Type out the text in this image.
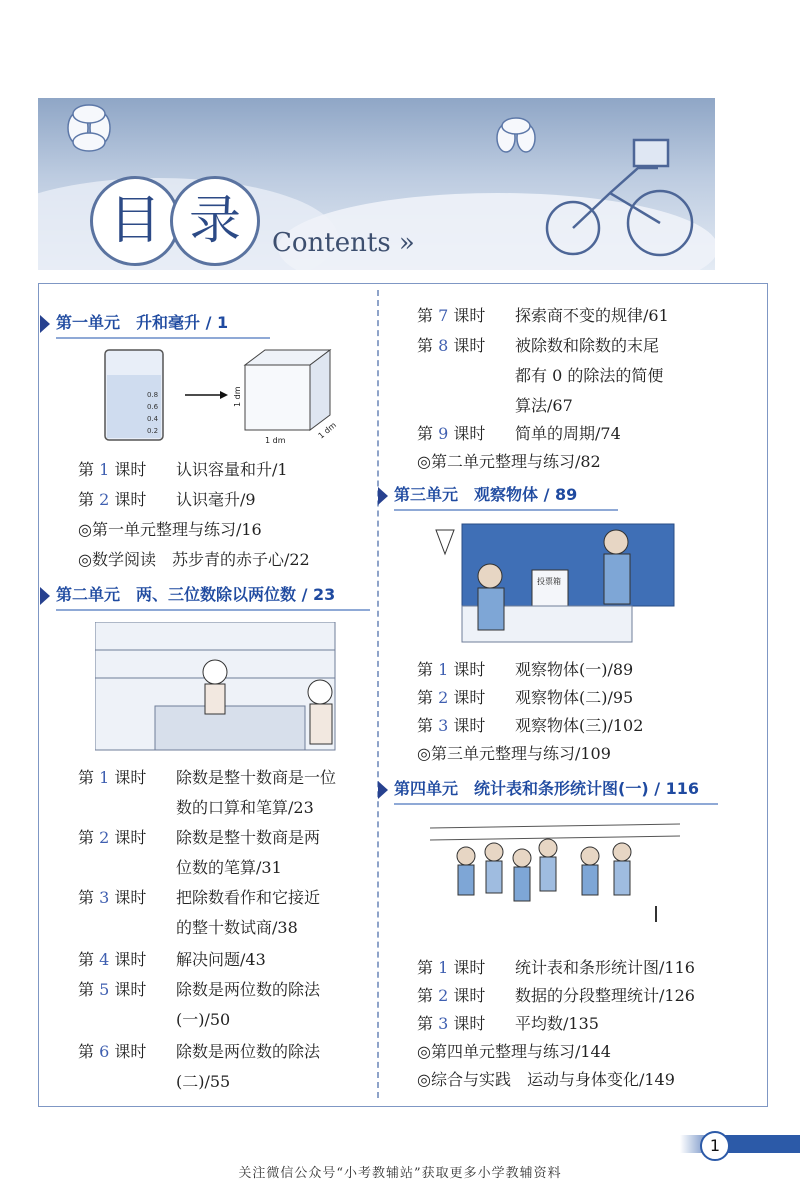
目 录	Contents »
第一单元　升和毫升 / 1
0.8
0.6
0.4
0.2
1 dm
1 dm	1 dm
第 1 课时 认识容量和升/1
第 2 课时 认识毫升/9
◎第一单元整理与练习/16
◎数学阅读　苏步青的赤子心/22
第二单元　两、三位数除以两位数 / 23
第 1 课时 除数是整十数商是一位
数的口算和笔算/23
第 2 课时 除数是整十数商是两
位数的笔算/31
第 3 课时 把除数看作和它接近
的整十数试商/38
第 4 课时 解决问题/43
第 5 课时 除数是两位数的除法
(一)/50
第 6 课时 除数是两位数的除法
(二)/55
第 7 课时 探索商不变的规律/61
第 8 课时 被除数和除数的末尾
都有 0 的除法的简便
算法/67
第 9 课时 简单的周期/74
◎第二单元整理与练习/82
第三单元　观察物体 / 89
投票箱
第 1 课时 观察物体(一)/89
第 2 课时 观察物体(二)/95
第 3 课时 观察物体(三)/102
◎第三单元整理与练习/109
第四单元　统计表和条形统计图(一) / 116
第 1 课时 统计表和条形统计图/116
第 2 课时 数据的分段整理统计/126
第 3 课时 平均数/135
◎第四单元整理与练习/144
◎综合与实践　运动与身体变化/149
1
关注微信公众号“小考教辅站”获取更多小学教辅资料
